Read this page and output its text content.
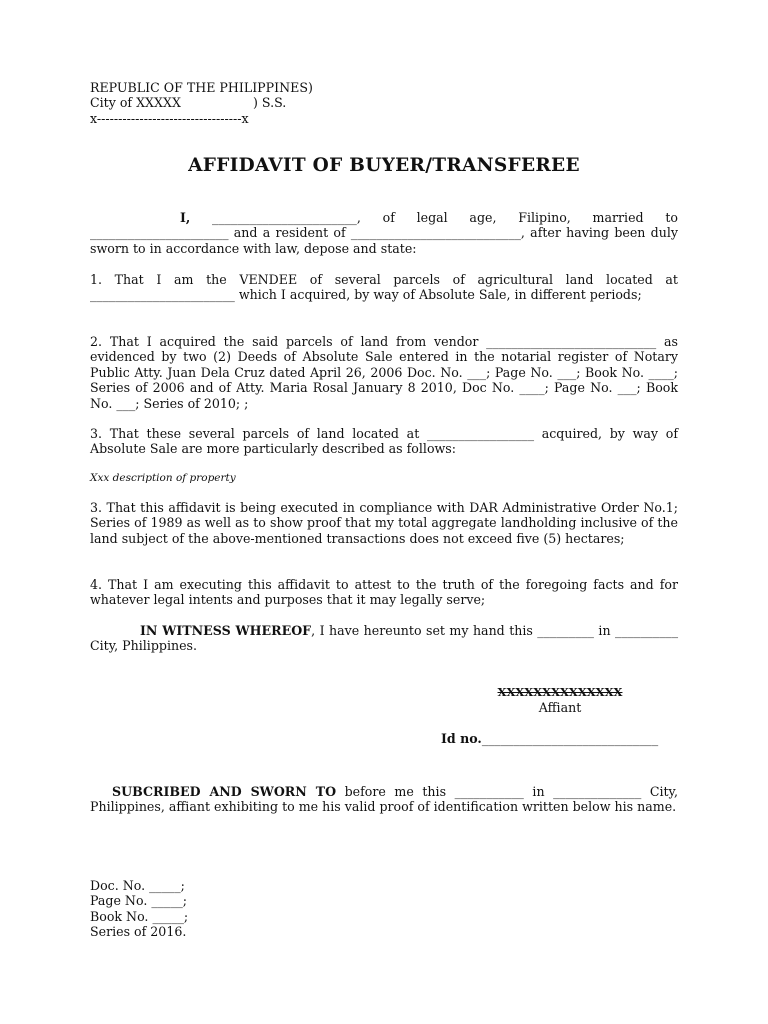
REPUBLIC OF THE PHILIPPINES)
City of XXXXX                  ) S.S.
x----------------------------------x
AFFIDAVIT OF BUYER/TRANSFEREE
I, _______________________, of legal age, Filipino, married to ______________________ and a resident of ___________________________, after having been duly sworn to in accordance with law, depose and state:
1. That I am the VENDEE of several parcels of agricultural land located at _______________________ which I acquired, by way of Absolute Sale, in different periods;
2. That I acquired the said parcels of land from vendor ___________________________ as evidenced by two (2) Deeds of Absolute Sale entered in the notarial register of Notary Public Atty. Juan Dela Cruz dated April 26, 2006 Doc. No. ___; Page No. ___; Book No. ____; Series of 2006 and of Atty. Maria Rosal January 8 2010, Doc No. ____; Page No. ___; Book No. ___; Series of 2010; ;
3. That these several parcels of land located at _________________ acquired, by way of Absolute Sale are more particularly described as follows:
Xxx description of property
3. That this affidavit is being executed in compliance with DAR Administrative Order No.1; Series of 1989 as well as to show proof that my total aggregate landholding inclusive of the land subject of the above-mentioned transactions does not exceed five (5) hectares;
4. That I am executing this affidavit to attest to the truth of the foregoing facts and for whatever legal intents and purposes that it may legally serve;
IN WITNESS WHEREOF, I have hereunto set my hand this _________ in __________ City, Philippines.
XXXXXXXXXXXXXX
Affiant

Id no.____________________________

SUBCRIBED AND SWORN TO before me this ___________ in ______________ City, Philippines, affiant exhibiting to me his valid proof of identification written below his name.
Doc. No. _____;
Page No. _____;
Book No. _____;
Series of 2016.
